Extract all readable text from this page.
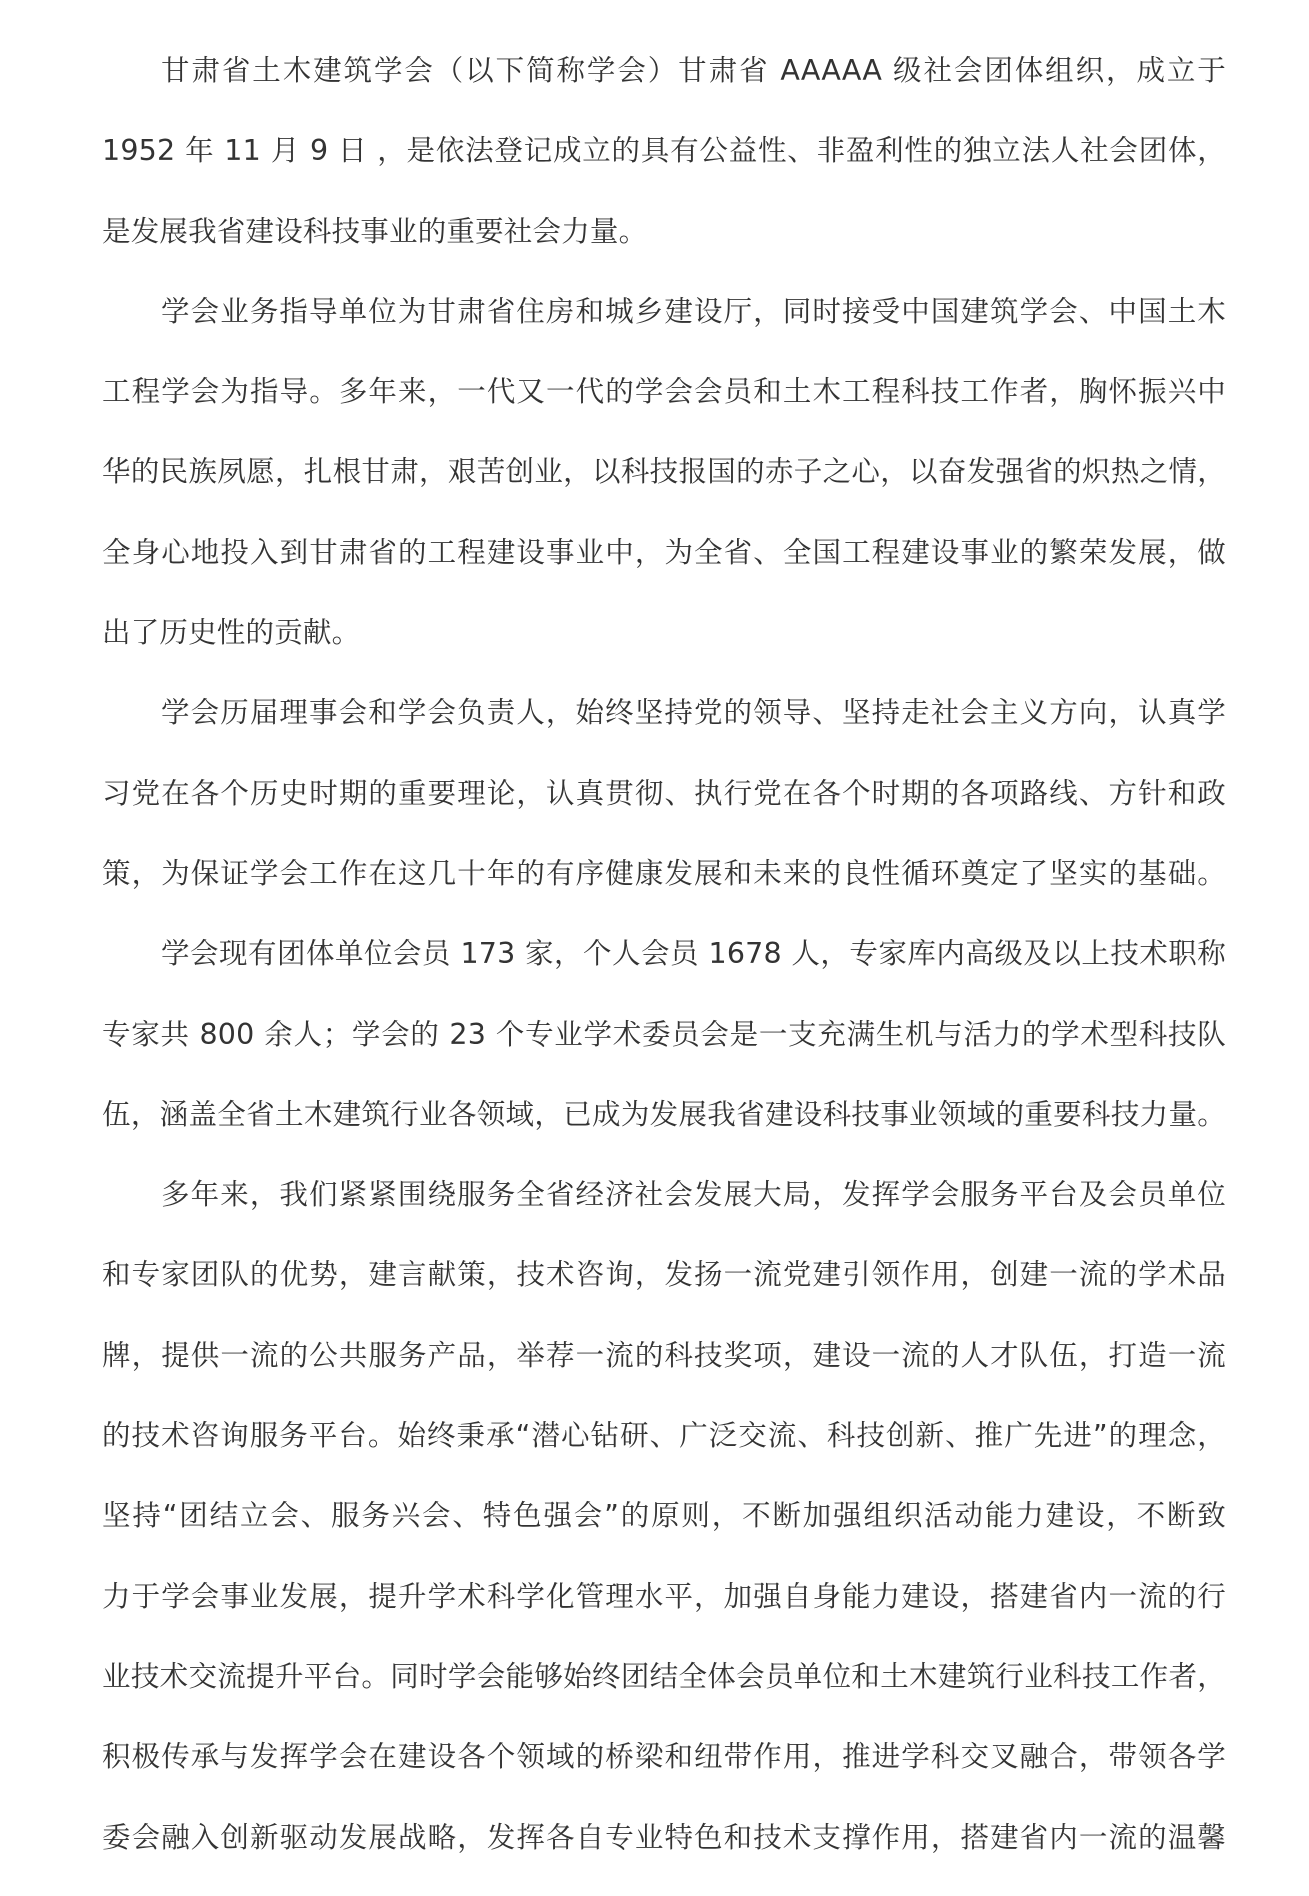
甘肃省土木建筑学会（以下简称学会）甘肃省 AAAAA 级社会团体组织，成立于
1952 年 11 月 9 日 ，是依法登记成立的具有公益性、非盈利性的独立法人社会团体，
是发展我省建设科技事业的重要社会力量。
学会业务指导单位为甘肃省住房和城乡建设厅，同时接受中国建筑学会、中国土木
工程学会为指导。多年来，一代又一代的学会会员和土木工程科技工作者，胸怀振兴中
华的民族夙愿，扎根甘肃，艰苦创业，以科技报国的赤子之心，以奋发强省的炽热之情，
全身心地投入到甘肃省的工程建设事业中，为全省、全国工程建设事业的繁荣发展，做
出了历史性的贡献。
学会历届理事会和学会负责人，始终坚持党的领导、坚持走社会主义方向，认真学
习党在各个历史时期的重要理论，认真贯彻、执行党在各个时期的各项路线、方针和政
策，为保证学会工作在这几十年的有序健康发展和未来的良性循环奠定了坚实的基础。
学会现有团体单位会员 173 家，个人会员 1678 人，专家库内高级及以上技术职称
专家共 800 余人；学会的 23 个专业学术委员会是一支充满生机与活力的学术型科技队
伍，涵盖全省土木建筑行业各领域，已成为发展我省建设科技事业领域的重要科技力量。
多年来，我们紧紧围绕服务全省经济社会发展大局，发挥学会服务平台及会员单位
和专家团队的优势，建言献策，技术咨询，发扬一流党建引领作用，创建一流的学术品
牌，提供一流的公共服务产品，举荐一流的科技奖项，建设一流的人才队伍，打造一流
的技术咨询服务平台。始终秉承“潜心钻研、广泛交流、科技创新、推广先进”的理念，
坚持“团结立会、服务兴会、特色强会”的原则，不断加强组织活动能力建设，不断致
力于学会事业发展，提升学术科学化管理水平，加强自身能力建设，搭建省内一流的行
业技术交流提升平台。同时学会能够始终团结全体会员单位和土木建筑行业科技工作者，
积极传承与发挥学会在建设各个领域的桥梁和纽带作用，推进学科交叉融合，带领各学
委会融入创新驱动发展战略，发挥各自专业特色和技术支撑作用，搭建省内一流的温馨
